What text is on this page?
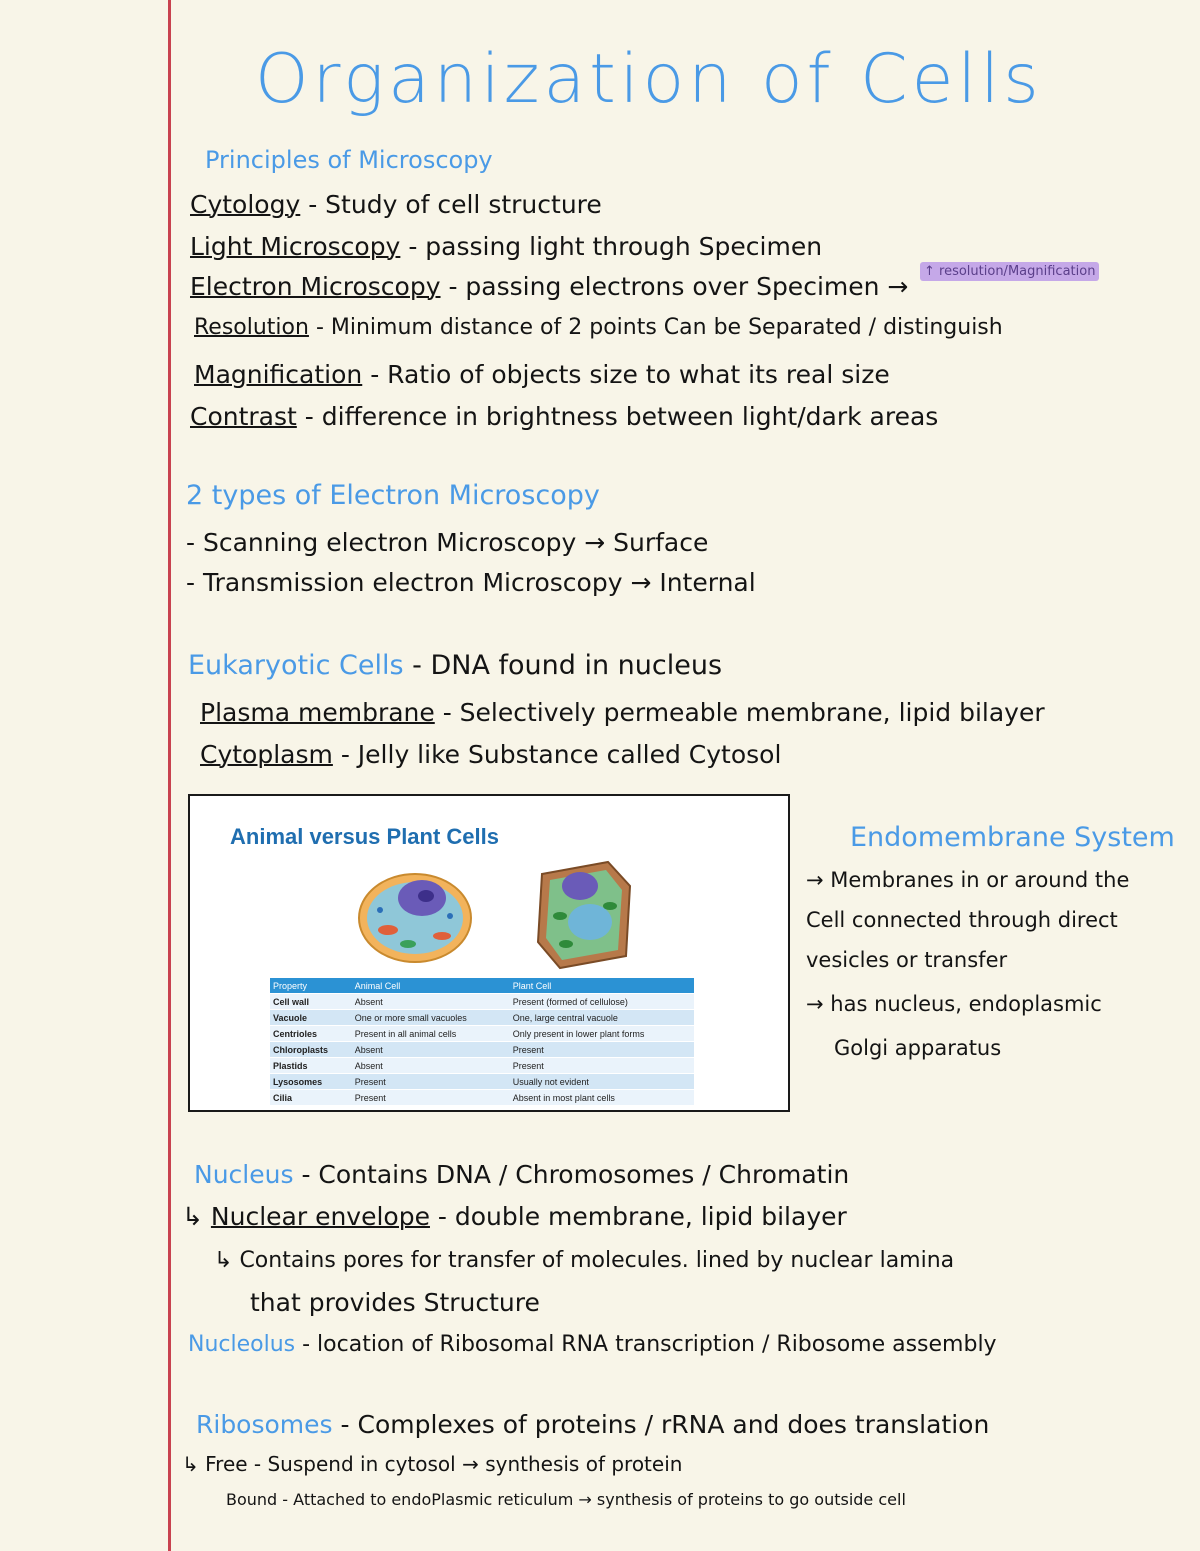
Organization of Cells
Principles of Microscopy
Cytology - Study of cell structure
Light Microscopy - passing light through Specimen
Electron Microscopy - passing electrons over Specimen →
↑ resolution/Magnification
Resolution - Minimum distance of 2 points Can be Separated / distinguish
Magnification - Ratio of objects size to what its real size
Contrast - difference in brightness between light/dark areas
2 types of Electron Microscopy
- Scanning electron Microscopy → Surface
- Transmission electron Microscopy → Internal
Eukaryotic Cells - DNA found in nucleus
Plasma membrane - Selectively permeable membrane, lipid bilayer
Cytoplasm - Jelly like Substance called Cytosol
Animal versus Plant Cells
Property	Animal Cell	Plant Cell
Cell wall	Absent	Present (formed of cellulose)
Vacuole	One or more small vacuoles	One, large central vacuole
Centrioles	Present in all animal cells	Only present in lower plant forms
Chloroplasts	Absent	Present
Plastids	Absent	Present
Lysosomes	Present	Usually not evident
Cilia	Present	Absent in most plant cells
Endomembrane System
→ Membranes in or around the
Cell connected through direct
vesicles or transfer
→ has nucleus, endoplasmic
Golgi apparatus
Nucleus - Contains DNA / Chromosomes / Chromatin
↳ Nuclear envelope - double membrane, lipid bilayer
↳ Contains pores for transfer of molecules. lined by nuclear lamina
that provides Structure
Nucleolus - location of Ribosomal RNA transcription / Ribosome assembly
Ribosomes - Complexes of proteins / rRNA and does translation
↳ Free - Suspend in cytosol → synthesis of protein
Bound - Attached to endoPlasmic reticulum → synthesis of proteins to go outside cell
